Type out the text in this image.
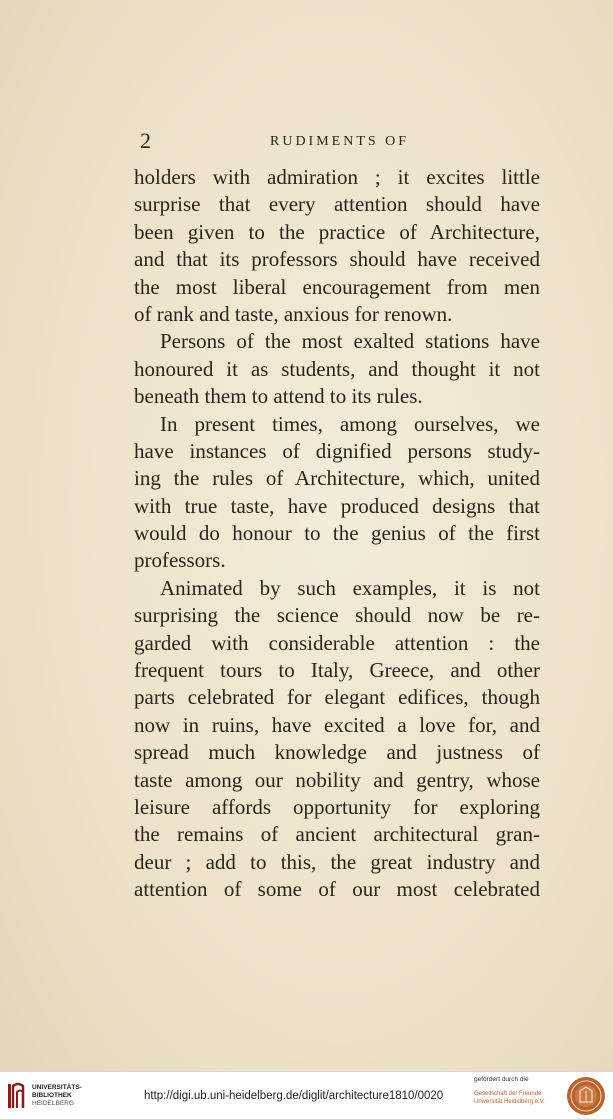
2	RUDIMENTS OF
holders with admiration ; it excites little
surprise that every attention should have
been given to the practice of Architecture,
and that its professors should have received
the most liberal encouragement from men
of rank and taste, anxious for renown.
Persons of the most exalted stations have
honoured it as students, and thought it not
beneath them to attend to its rules.
In present times, among ourselves, we
have instances of dignified persons study-
ing the rules of Architecture, which, united
with true taste, have produced designs that
would do honour to the genius of the first
professors.
Animated by such examples, it is not
surprising the science should now be re-
garded with considerable attention : the
frequent tours to Italy, Greece, and other
parts celebrated for elegant edifices, though
now in ruins, have excited a love for, and
spread much knowledge and justness of
taste among our nobility and gentry, whose
leisure affords opportunity for exploring
the remains of ancient architectural gran-
deur ; add to this, the great industry and
attention of some of our most celebrated
UNIVERSITÄTS-
BIBLIOTHEK
HEIDELBERG
http://digi.ub.uni-heidelberg.de/diglit/architecture1810/0020
gefördert durch die
Gesellschaft der Freunde
Universität Heidelberg e.V.
